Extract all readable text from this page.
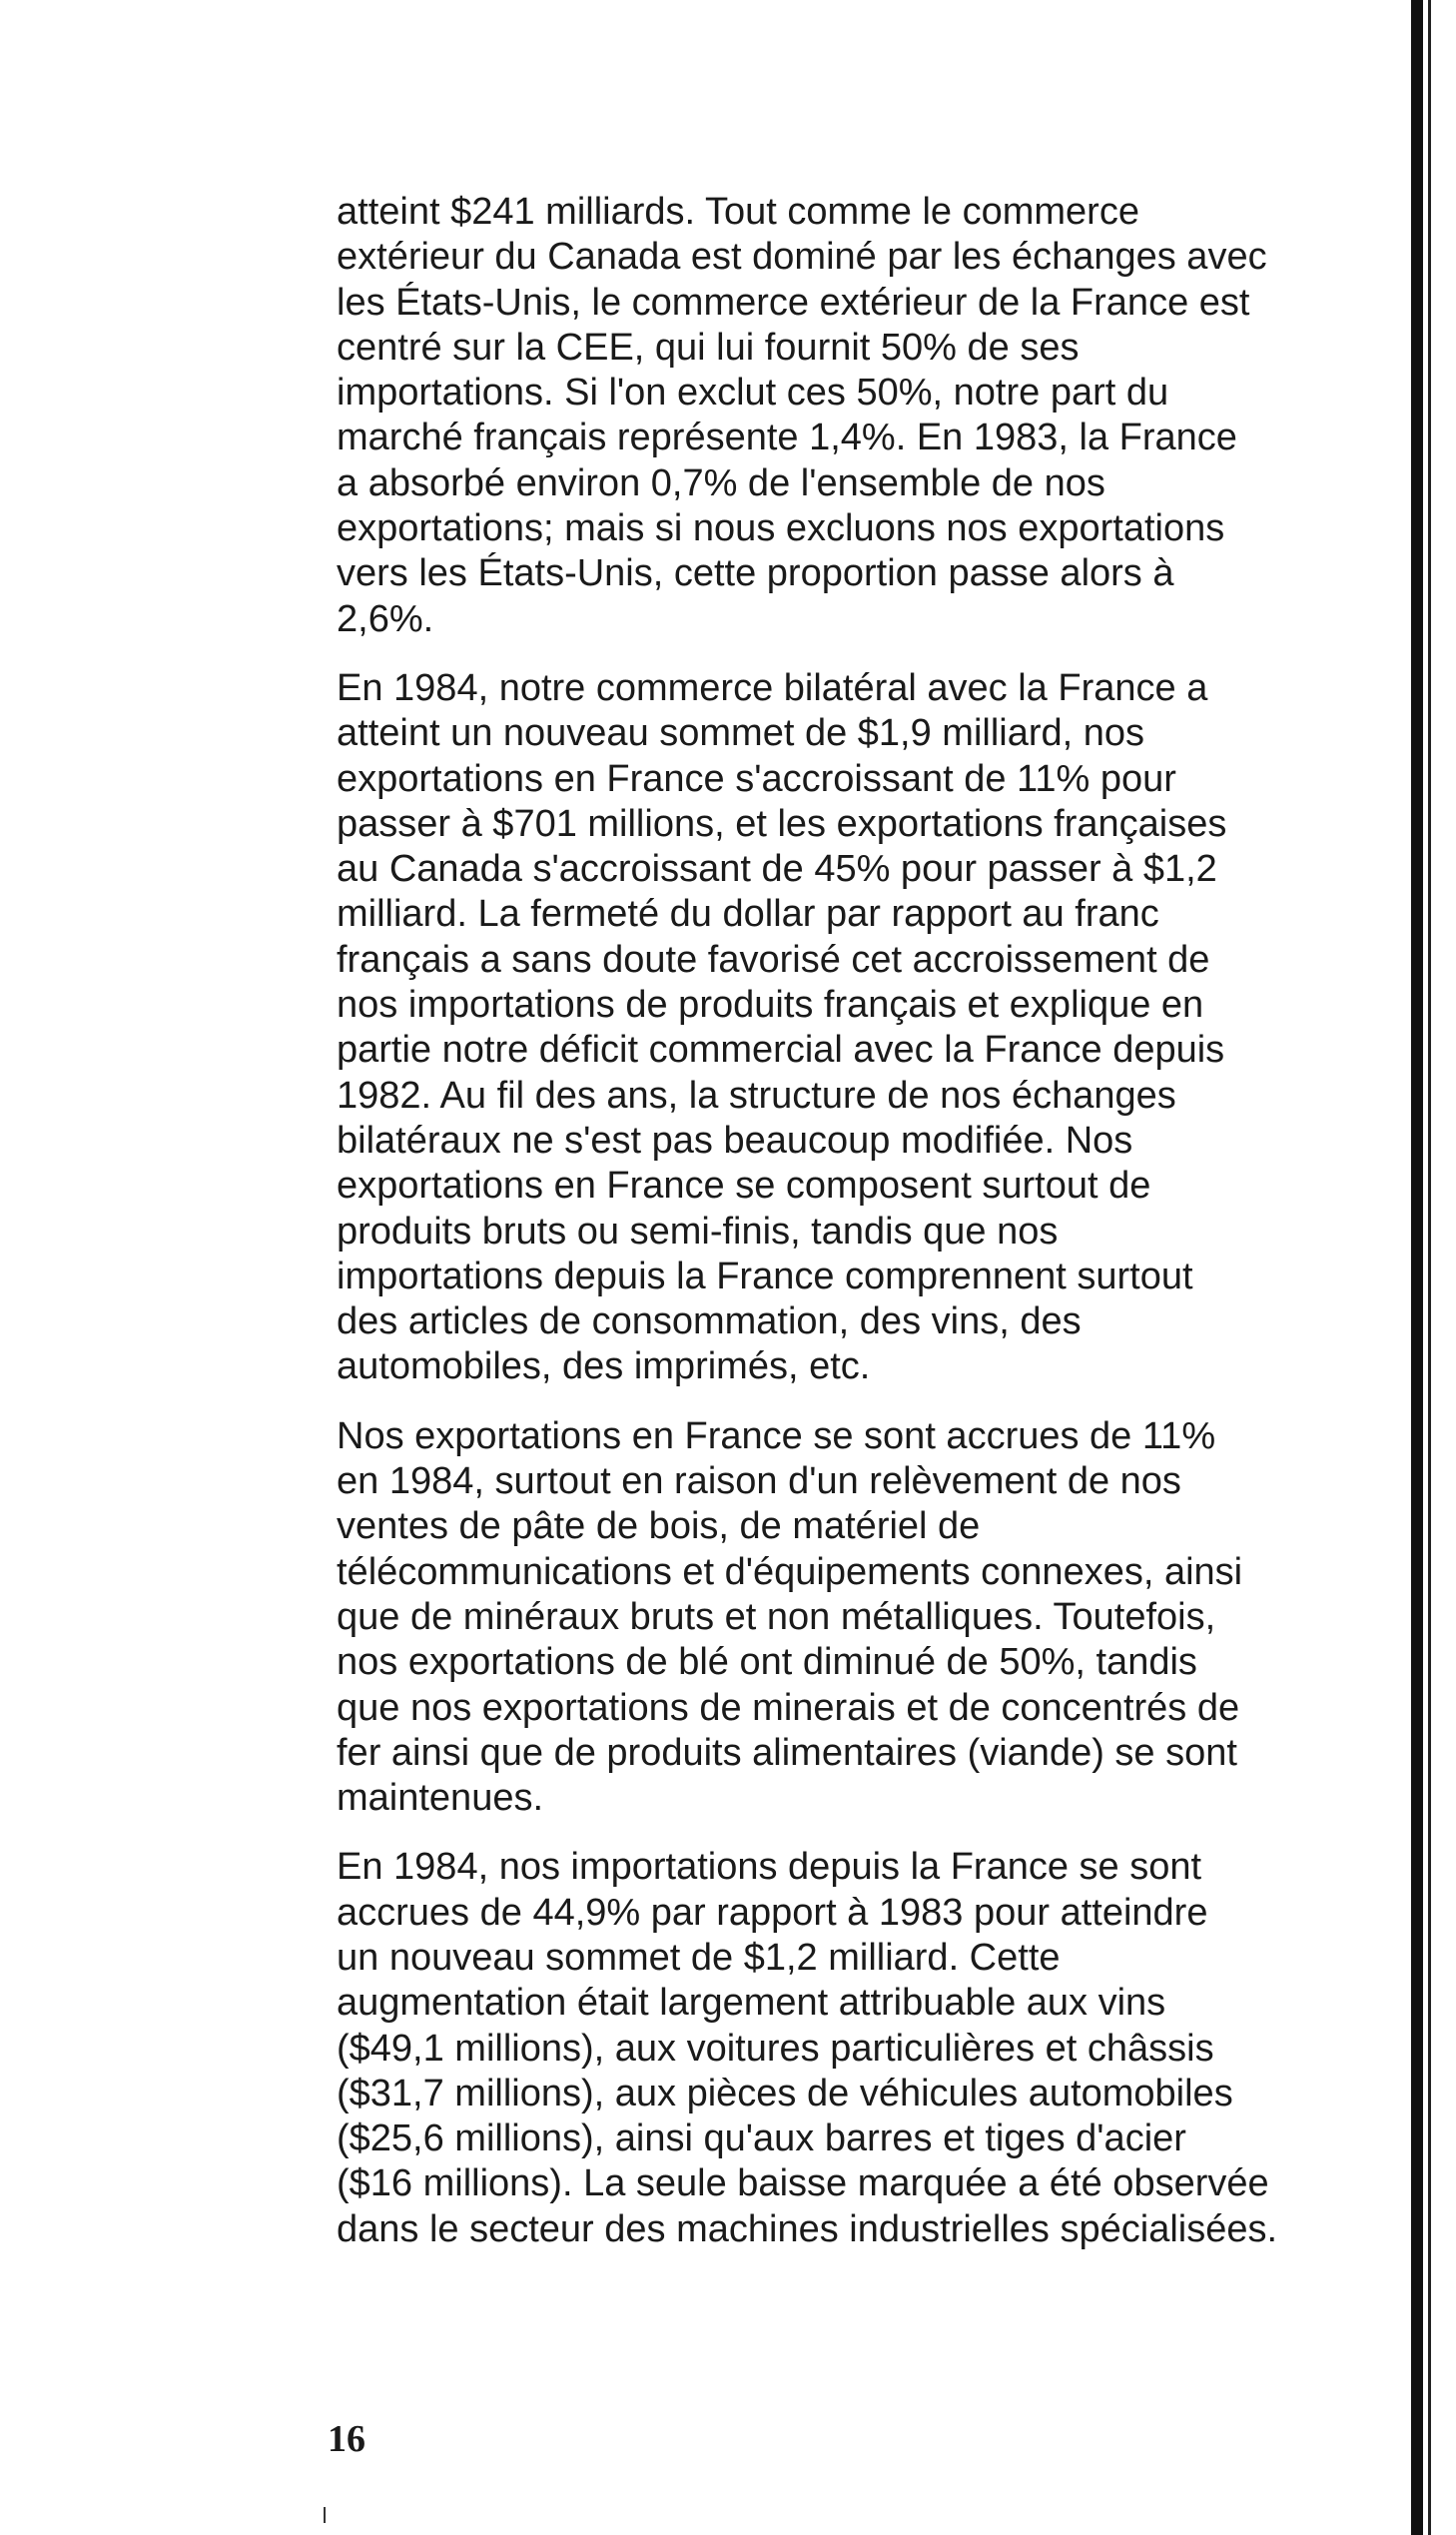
atteint $241 milliards. Tout comme le commerce
extérieur du Canada est dominé par les échanges avec
les États-Unis, le commerce extérieur de la France est
centré sur la CEE, qui lui fournit 50% de ses
importations. Si l'on exclut ces 50%, notre part du
marché français représente 1,4%. En 1983, la France
a absorbé environ 0,7% de l'ensemble de nos
exportations; mais si nous excluons nos exportations
vers les États-Unis, cette proportion passe alors à
2,6%.
En 1984, notre commerce bilatéral avec la France a
atteint un nouveau sommet de $1,9 milliard, nos
exportations en France s'accroissant de 11% pour
passer à $701 millions, et les exportations françaises
au Canada s'accroissant de 45% pour passer à $1,2
milliard. La fermeté du dollar par rapport au franc
français a sans doute favorisé cet accroissement de
nos importations de produits français et explique en
partie notre déficit commercial avec la France depuis
1982. Au fil des ans, la structure de nos échanges
bilatéraux ne s'est pas beaucoup modifiée. Nos
exportations en France se composent surtout de
produits bruts ou semi-finis, tandis que nos
importations depuis la France comprennent surtout
des articles de consommation, des vins, des
automobiles, des imprimés, etc.
Nos exportations en France se sont accrues de 11%
en 1984, surtout en raison d'un relèvement de nos
ventes de pâte de bois, de matériel de
télécommunications et d'équipements connexes, ainsi
que de minéraux bruts et non métalliques. Toutefois,
nos exportations de blé ont diminué de 50%, tandis
que nos exportations de minerais et de concentrés de
fer ainsi que de produits alimentaires (viande) se sont
maintenues.
En 1984, nos importations depuis la France se sont
accrues de 44,9% par rapport à 1983 pour atteindre
un nouveau sommet de $1,2 milliard. Cette
augmentation était largement attribuable aux vins
($49,1 millions), aux voitures particulières et châssis
($31,7 millions), aux pièces de véhicules automobiles
($25,6 millions), ainsi qu'aux barres et tiges d'acier
($16 millions). La seule baisse marquée a été observée
dans le secteur des machines industrielles spécialisées.
16
